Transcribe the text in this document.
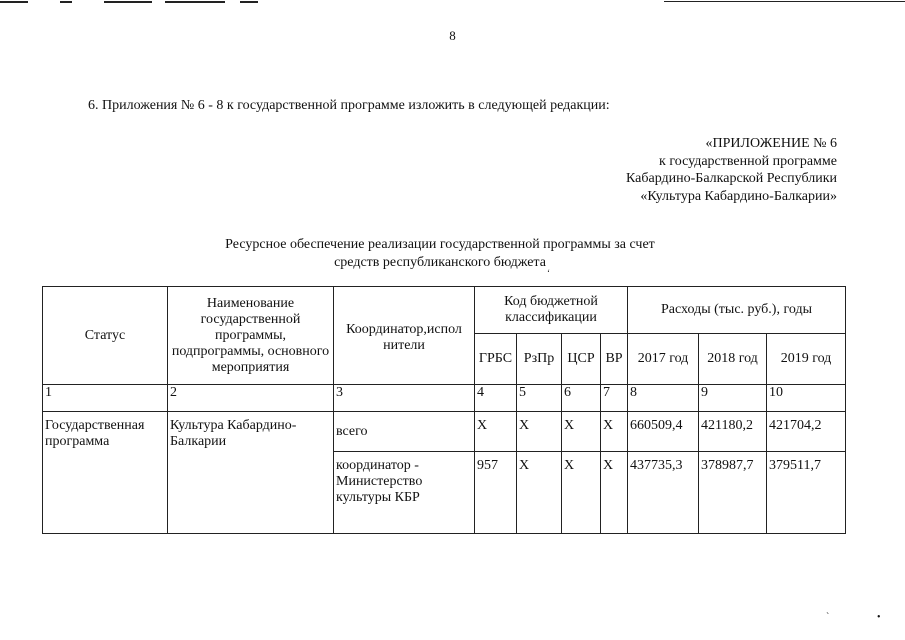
8
6. Приложения № 6 - 8 к государственной программе изложить в следующей редакции:
«ПРИЛОЖЕНИЕ № 6
к государственной программе
Кабардино-Балкарской Республики
«Культура Кабардино-Балкарии»
Ресурсное обеспечение реализации государственной программы за счет
средств республиканского бюджета
ʻ
Статус	Наименование государственной программы, подпрограммы, основного мероприятия	Координатор,испол нители	Код бюджетной классификации				Расходы (тыс. руб.), годы		
			ГРБС	РзПр	ЦСР	ВР	2017 год	2018 год	2019 год
1	2	3	4	5	6	7	8	9	10
Государственная программа	Культура Кабардино-Балкарии	всего	Х	Х	Х	Х	660509,4	421180,2	421704,2
		координатор - Министерство культуры КБР	957	Х	Х	Х	437735,3	378987,7	379511,7
ˋ	•
